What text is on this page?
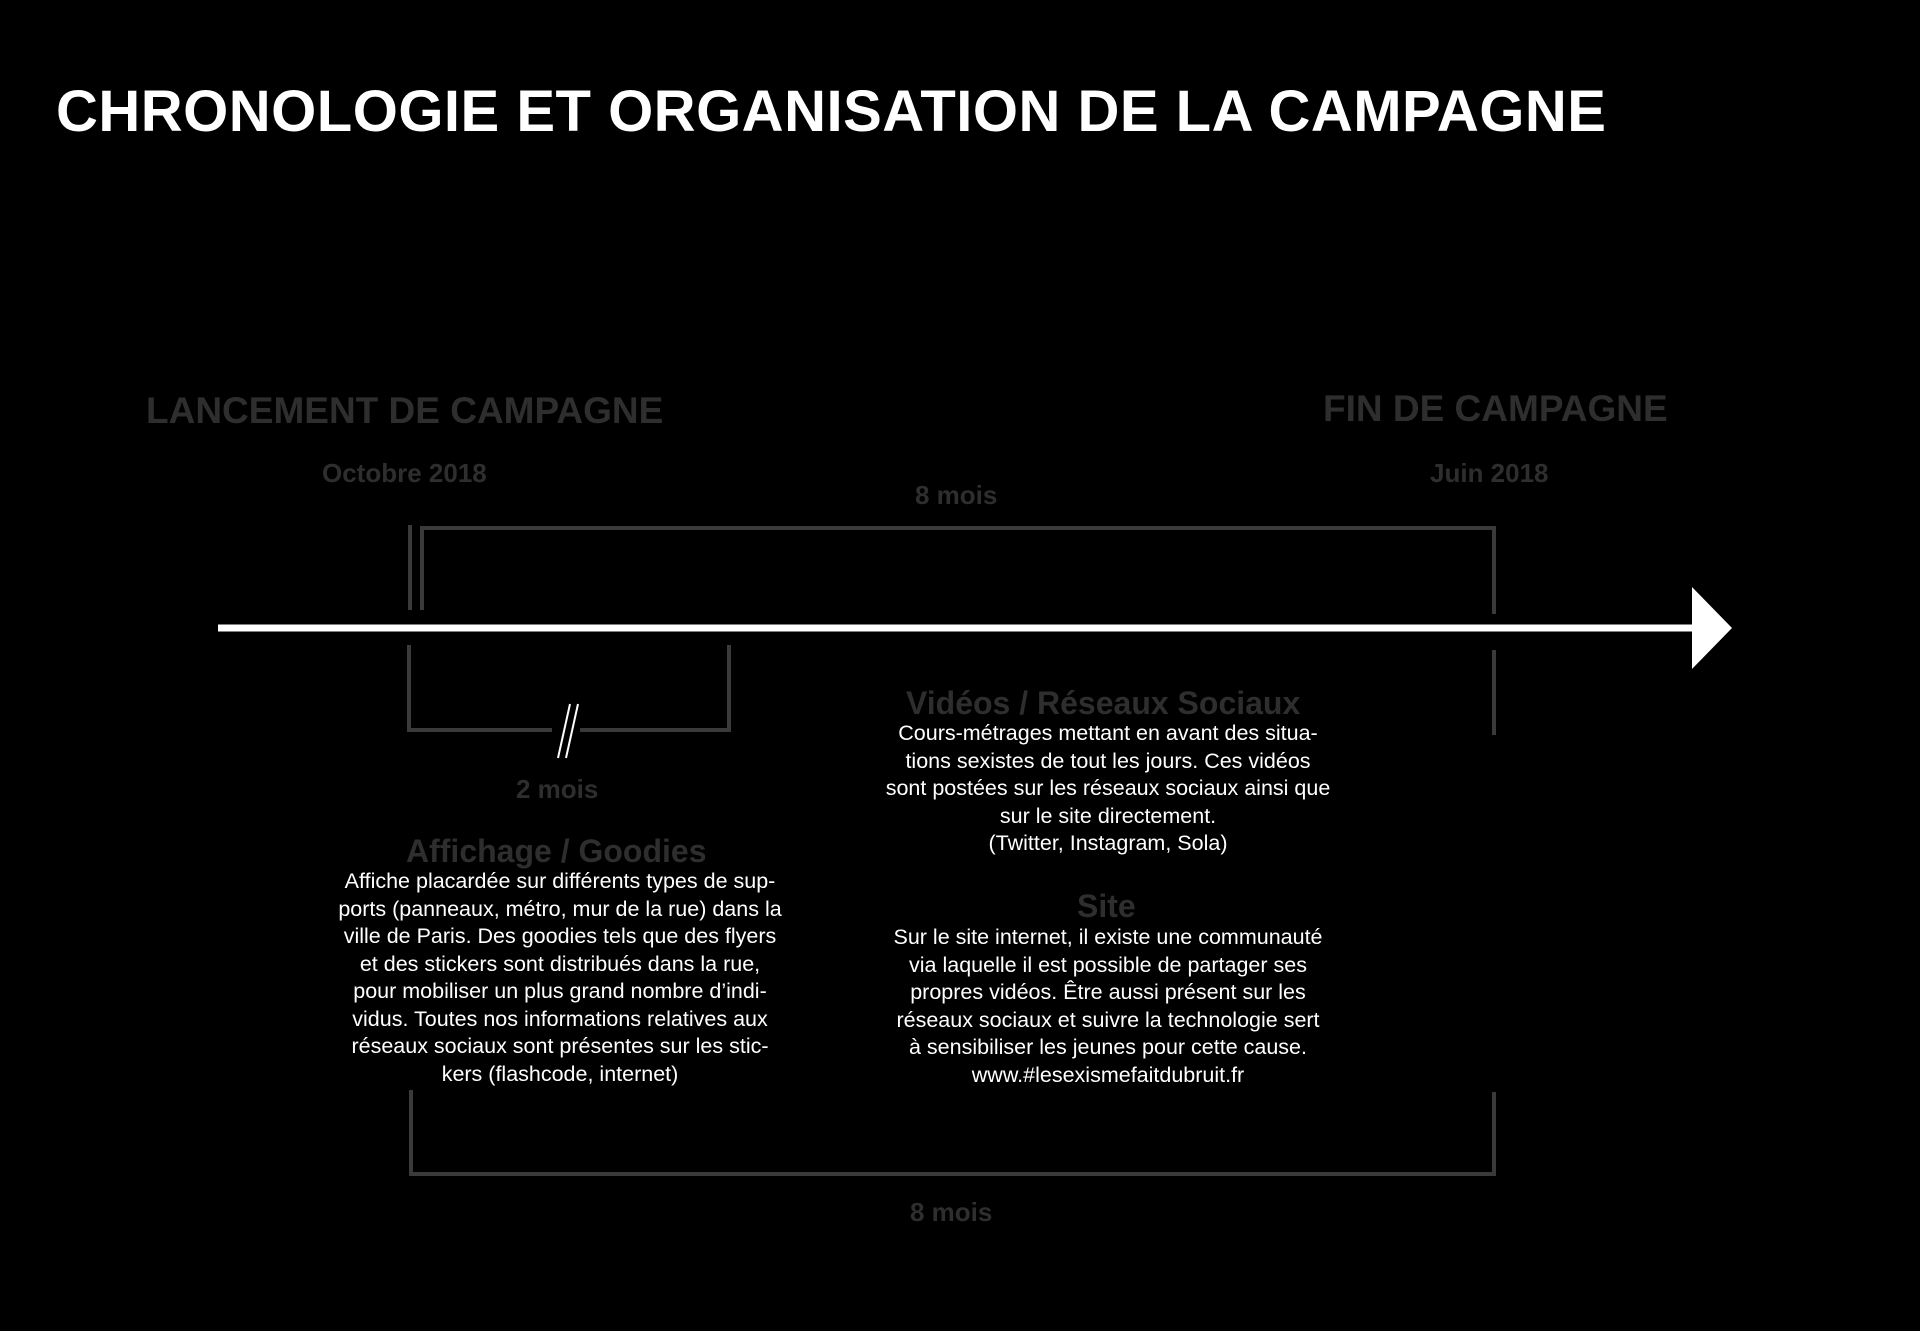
CHRONOLOGIE ET ORGANISATION DE LA CAMPAGNE
LANCEMENT DE CAMPAGNE
Octobre 2018
FIN DE CAMPAGNE
Juin 2018
8 mois
2 mois
8 mois
Affichage / Goodies
Affiche placardée sur différents types de sup-
ports (panneaux, métro, mur de la rue) dans la
ville de Paris. Des goodies tels que des flyers
et des stickers sont distribués dans la rue,
pour mobiliser un plus grand nombre d’indi-
vidus. Toutes nos informations relatives aux
réseaux sociaux sont présentes sur les stic-
kers (flashcode, internet)
Vidéos / Réseaux Sociaux
Cours-métrages mettant en avant des situa-
tions sexistes de tout les jours. Ces vidéos
sont postées sur les réseaux sociaux ainsi que
sur le site directement.
(Twitter, Instagram, Sola)
Site
Sur le site internet, il existe une communauté
via laquelle il est possible de partager ses
propres vidéos. Être aussi présent sur les
réseaux sociaux et suivre la technologie sert
à sensibiliser les jeunes pour cette cause.
www.#lesexismefaitdubruit.fr
